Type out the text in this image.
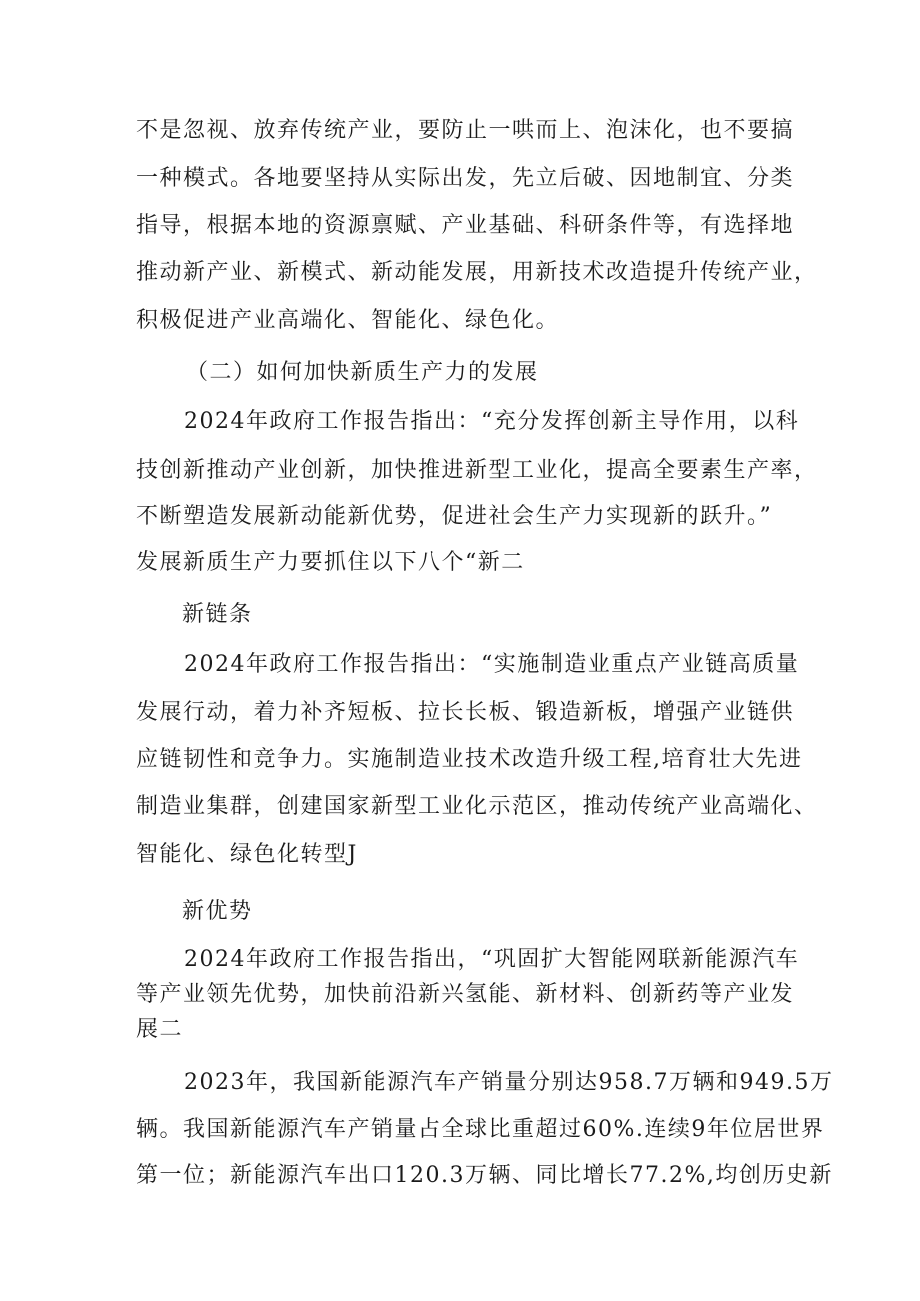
不是忽视、放弃传统产业，要防止一哄而上、泡沫化，也不要搞
一种模式。各地要坚持从实际出发，先立后破、因地制宜、分类
指导，根据本地的资源禀赋、产业基础、科研条件等，有选择地
推动新产业、新模式、新动能发展，用新技术改造提升传统产业，
积极促进产业高端化、智能化、绿色化。
（二）如何加快新质生产力的发展
2024年政府工作报告指出：“充分发挥创新主导作用，以科
技创新推动产业创新，加快推进新型工业化，提高全要素生产率，
不断塑造发展新动能新优势，促进社会生产力实现新的跃升。”
发展新质生产力要抓住以下八个“新二
新链条
2024年政府工作报告指出：“实施制造业重点产业链高质量
发展行动，着力补齐短板、拉长长板、锻造新板，增强产业链供
应链韧性和竞争力。实施制造业技术改造升级工程,培育壮大先进
制造业集群，创建国家新型工业化示范区，推动传统产业高端化、
智能化、绿色化转型J
新优势
2024年政府工作报告指出，“巩固扩大智能网联新能源汽车
等产业领先优势，加快前沿新兴氢能、新材料、创新药等产业发
展二
2023年，我国新能源汽车产销量分别达958.7万辆和949.5万
辆。我国新能源汽车产销量占全球比重超过60%.连续9年位居世界
第一位；新能源汽车出口120.3万辆、同比增长77.2%,均创历史新
